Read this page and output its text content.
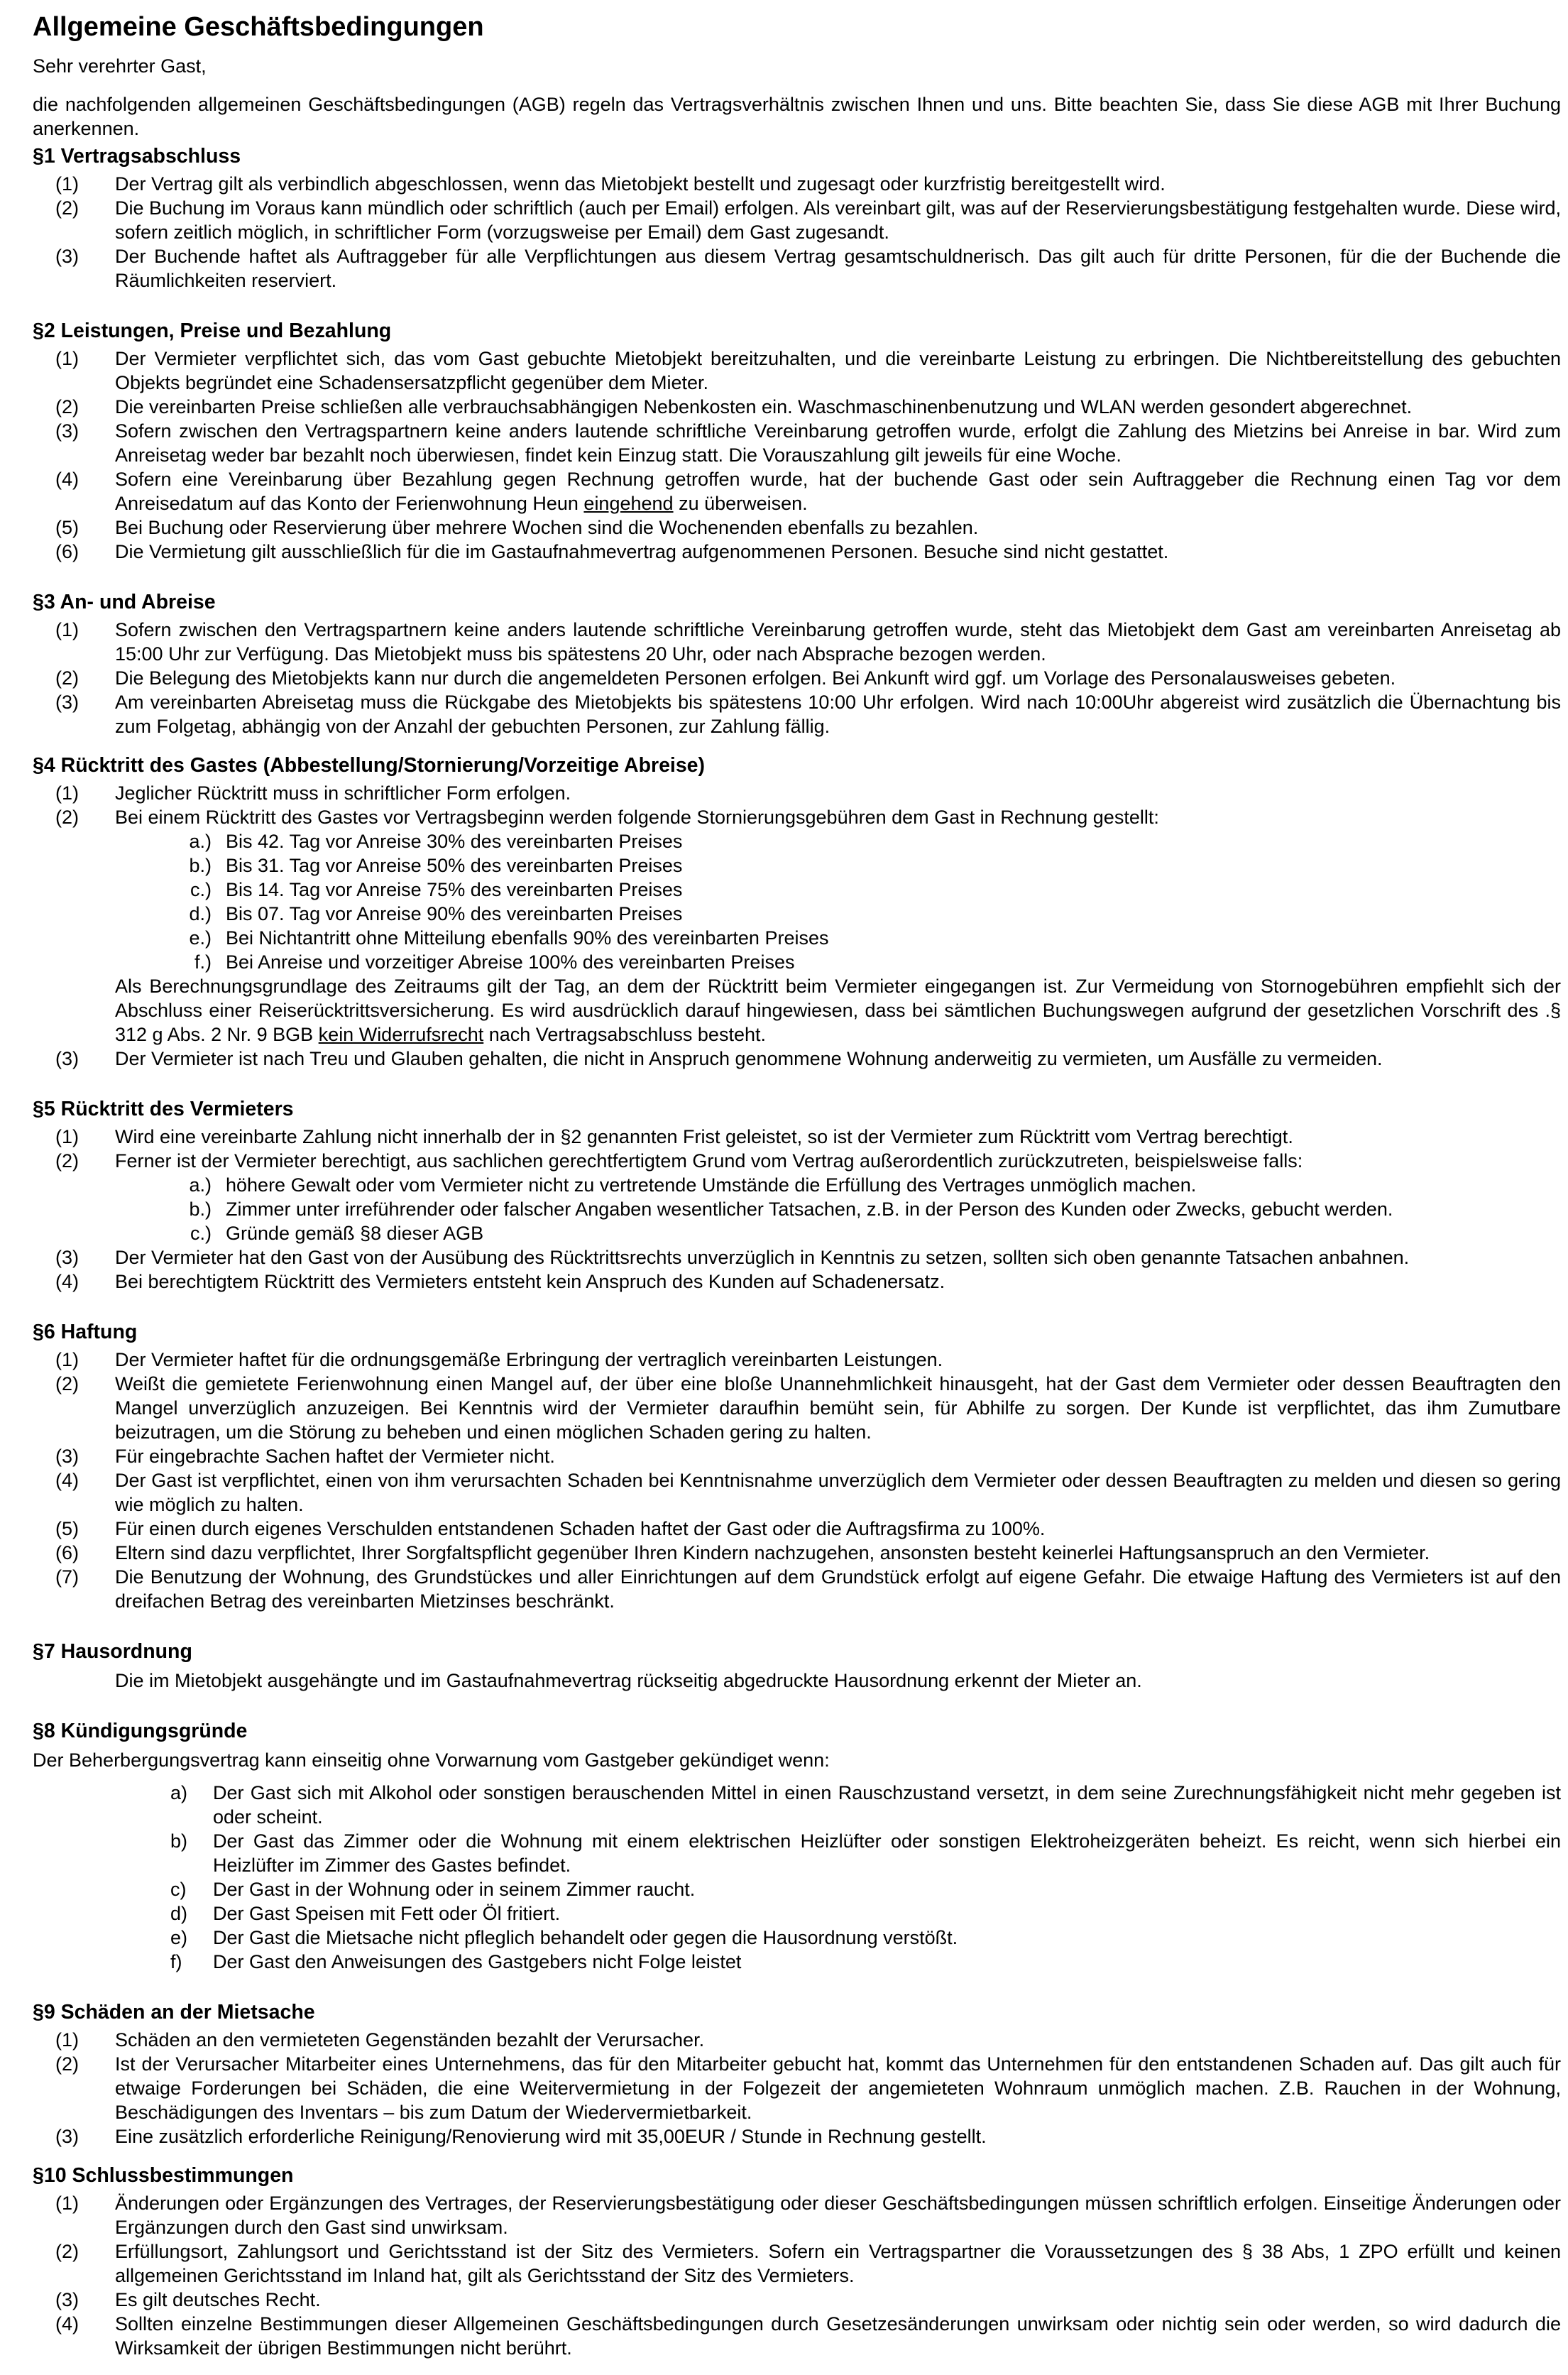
Allgemeine Geschäftsbedingungen

Sehr verehrter Gast,

die nachfolgenden allgemeinen Geschäftsbedingungen (AGB) regeln das Vertragsverhältnis zwischen Ihnen und uns. Bitte beachten Sie, dass Sie diese AGB mit Ihrer Buchung anerkennen.

§1 Vertragsabschluss
(1)	Der Vertrag gilt als verbindlich abgeschlossen, wenn das Mietobjekt bestellt und zugesagt oder kurzfristig bereitgestellt wird.
(2)	Die Buchung im Voraus kann mündlich oder schriftlich (auch per Email) erfolgen. Als vereinbart gilt, was auf der Reservierungsbestätigung festgehalten wurde. Diese wird, sofern zeitlich möglich, in schriftlicher Form (vorzugsweise per Email) dem Gast zugesandt.
(3)	Der Buchende haftet als Auftraggeber für alle Verpflichtungen aus diesem Vertrag gesamtschuldnerisch. Das gilt auch für dritte Personen, für die der Buchende die Räumlichkeiten reserviert.
§2 Leistungen, Preise und Bezahlung
(1)	Der Vermieter verpflichtet sich, das vom Gast gebuchte Mietobjekt bereitzuhalten, und die vereinbarte Leistung zu erbringen. Die Nichtbereitstellung des gebuchten Objekts begründet eine Schadensersatzpflicht gegenüber dem Mieter.
(2)	Die vereinbarten Preise schließen alle verbrauchsabhängigen Nebenkosten ein. Waschmaschinenbenutzung und WLAN werden gesondert abgerechnet.
(3)	Sofern zwischen den Vertragspartnern keine anders lautende schriftliche Vereinbarung getroffen wurde, erfolgt die Zahlung des Mietzins bei Anreise in bar. Wird zum Anreisetag weder bar bezahlt noch überwiesen, findet kein Einzug statt. Die Vorauszahlung gilt jeweils für eine Woche.
(4)	Sofern eine Vereinbarung über Bezahlung gegen Rechnung getroffen wurde, hat der buchende Gast oder sein Auftraggeber die Rechnung einen Tag vor dem Anreisedatum auf das Konto der Ferienwohnung Heun eingehend zu überweisen.
(5)	Bei Buchung oder Reservierung über mehrere Wochen sind die Wochenenden ebenfalls zu bezahlen.
(6)	Die Vermietung gilt ausschließlich für die im Gastaufnahmevertrag aufgenommenen Personen. Besuche sind nicht gestattet.
§3 An- und Abreise
(1)	Sofern zwischen den Vertragspartnern keine anders lautende schriftliche Vereinbarung getroffen wurde, steht das Mietobjekt dem Gast am vereinbarten Anreisetag ab 15:00 Uhr zur Verfügung. Das Mietobjekt muss bis spätestens 20 Uhr, oder nach Absprache bezogen werden.
(2)	Die Belegung des Mietobjekts kann nur durch die angemeldeten Personen erfolgen. Bei Ankunft wird ggf. um Vorlage des Personalausweises gebeten.
(3)	Am vereinbarten Abreisetag muss die Rückgabe des Mietobjekts bis spätestens 10:00 Uhr erfolgen. Wird nach 10:00Uhr abgereist wird zusätzlich die Übernachtung bis zum Folgetag, abhängig von der Anzahl der gebuchten Personen, zur Zahlung fällig.
§4 Rücktritt des Gastes (Abbestellung/Stornierung/Vorzeitige Abreise)
(1)	Jeglicher Rücktritt muss in schriftlicher Form erfolgen.
(2)	Bei einem Rücktritt des Gastes vor Vertragsbeginn werden folgende Stornierungsgebühren dem Gast in Rechnung gestellt:
a.) Bis 42. Tag vor Anreise 30% des vereinbarten Preises
b.) Bis 31. Tag vor Anreise 50% des vereinbarten Preises
c.) Bis 14. Tag vor Anreise 75% des vereinbarten Preises
d.) Bis 07. Tag vor Anreise 90% des vereinbarten Preises
e.) Bei Nichtantritt ohne Mitteilung ebenfalls 90% des vereinbarten Preises
f.) Bei Anreise und vorzeitiger Abreise 100% des vereinbarten Preises
Als Berechnungsgrundlage des Zeitraums gilt der Tag, an dem der Rücktritt beim Vermieter eingegangen ist. Zur Vermeidung von Stornogebühren empfiehlt sich der Abschluss einer Reiserücktrittsversicherung. Es wird ausdrücklich darauf hingewiesen, dass bei sämtlichen Buchungswegen aufgrund der gesetzlichen Vorschrift des .§ 312 g Abs. 2 Nr. 9 BGB kein Widerrufsrecht nach Vertragsabschluss besteht.
(3)	Der Vermieter ist nach Treu und Glauben gehalten, die nicht in Anspruch genommene Wohnung anderweitig zu vermieten, um Ausfälle zu vermeiden.
§5 Rücktritt des Vermieters
(1)	Wird eine vereinbarte Zahlung nicht innerhalb der in §2 genannten Frist geleistet, so ist der Vermieter zum Rücktritt vom Vertrag berechtigt.
(2)	Ferner ist der Vermieter berechtigt, aus sachlichen gerechtfertigtem Grund vom Vertrag außerordentlich zurückzutreten, beispielsweise falls:
a.) höhere Gewalt oder vom Vermieter nicht zu vertretende Umstände die Erfüllung des Vertrages unmöglich machen.
b.) Zimmer unter irreführender oder falscher Angaben wesentlicher Tatsachen, z.B. in der Person des Kunden oder Zwecks, gebucht werden.
c.) Gründe gemäß §8 dieser AGB
(3)	Der Vermieter hat den Gast von der Ausübung des Rücktrittsrechts unverzüglich in Kenntnis zu setzen, sollten sich oben genannte Tatsachen anbahnen.
(4)	Bei berechtigtem Rücktritt des Vermieters entsteht kein Anspruch des Kunden auf Schadenersatz.
§6 Haftung
(1)	Der Vermieter haftet für die ordnungsgemäße Erbringung der vertraglich vereinbarten Leistungen.
(2)	Weißt die gemietete Ferienwohnung einen Mangel auf, der über eine bloße Unannehmlichkeit hinausgeht, hat der Gast dem Vermieter oder dessen Beauftragten den Mangel unverzüglich anzuzeigen. Bei Kenntnis wird der Vermieter daraufhin bemüht sein, für Abhilfe zu sorgen. Der Kunde ist verpflichtet, das ihm Zumutbare beizutragen, um die Störung zu beheben und einen möglichen Schaden gering zu halten.
(3)	Für eingebrachte Sachen haftet der Vermieter nicht.
(4)	Der Gast ist verpflichtet, einen von ihm verursachten Schaden bei Kenntnisnahme unverzüglich dem Vermieter oder dessen Beauftragten zu melden und diesen so gering wie möglich zu halten.
(5)	Für einen durch eigenes Verschulden entstandenen Schaden haftet der Gast oder die Auftragsfirma zu 100%.
(6)	Eltern sind dazu verpflichtet, Ihrer Sorgfaltspflicht gegenüber Ihren Kindern nachzugehen, ansonsten besteht keinerlei Haftungsanspruch an den Vermieter.
(7)	Die Benutzung der Wohnung, des Grundstückes und aller Einrichtungen auf dem Grundstück erfolgt auf eigene Gefahr. Die etwaige Haftung des Vermieters ist auf den dreifachen Betrag des vereinbarten Mietzinses beschränkt.
§7 Hausordnung
Die im Mietobjekt ausgehängte und im Gastaufnahmevertrag rückseitig abgedruckte Hausordnung erkennt der Mieter an.
§8 Kündigungsgründe

Der Beherbergungsvertrag kann einseitig ohne Vorwarnung vom Gastgeber gekündiget wenn:

a)	Der Gast sich mit Alkohol oder sonstigen berauschenden Mittel in einen Rauschzustand versetzt, in dem seine Zurechnungsfähigkeit nicht mehr gegeben ist oder scheint.
b)	Der Gast das Zimmer oder die Wohnung mit einem elektrischen Heizlüfter oder sonstigen Elektroheizgeräten beheizt. Es reicht, wenn sich hierbei ein Heizlüfter im Zimmer des Gastes befindet.
c)	Der Gast in der Wohnung oder in seinem Zimmer raucht.
d)	Der Gast Speisen mit Fett oder Öl fritiert.
e)	Der Gast die Mietsache nicht pfleglich behandelt oder gegen die Hausordnung verstößt.
f)	Der Gast den Anweisungen des Gastgebers nicht Folge leistet
§9 Schäden an der Mietsache
(1)	Schäden an den vermieteten Gegenständen bezahlt der Verursacher.
(2)	Ist der Verursacher Mitarbeiter eines Unternehmens, das für den Mitarbeiter gebucht hat, kommt das Unternehmen für den entstandenen Schaden auf. Das gilt auch für etwaige Forderungen bei Schäden, die eine Weitervermietung in der Folgezeit der angemieteten Wohnraum unmöglich machen. Z.B. Rauchen in der Wohnung, Beschädigungen des Inventars – bis zum Datum der Wiedervermietbarkeit.
(3)	Eine zusätzlich erforderliche Reinigung/Renovierung wird mit 35,00EUR / Stunde in Rechnung gestellt.
§10 Schlussbestimmungen
(1)	Änderungen oder Ergänzungen des Vertrages, der Reservierungsbestätigung oder dieser Geschäftsbedingungen müssen schriftlich erfolgen. Einseitige Änderungen oder Ergänzungen durch den Gast sind unwirksam.
(2)	Erfüllungsort, Zahlungsort und Gerichtsstand ist der Sitz des Vermieters. Sofern ein Vertragspartner die Voraussetzungen des § 38 Abs, 1 ZPO erfüllt und keinen allgemeinen Gerichtsstand im Inland hat, gilt als Gerichtsstand der Sitz des Vermieters.
(3)	Es gilt deutsches Recht.
(4)	Sollten einzelne Bestimmungen dieser Allgemeinen Geschäftsbedingungen durch Gesetzesänderungen unwirksam oder nichtig sein oder werden, so wird dadurch die Wirksamkeit der übrigen Bestimmungen nicht berührt.
